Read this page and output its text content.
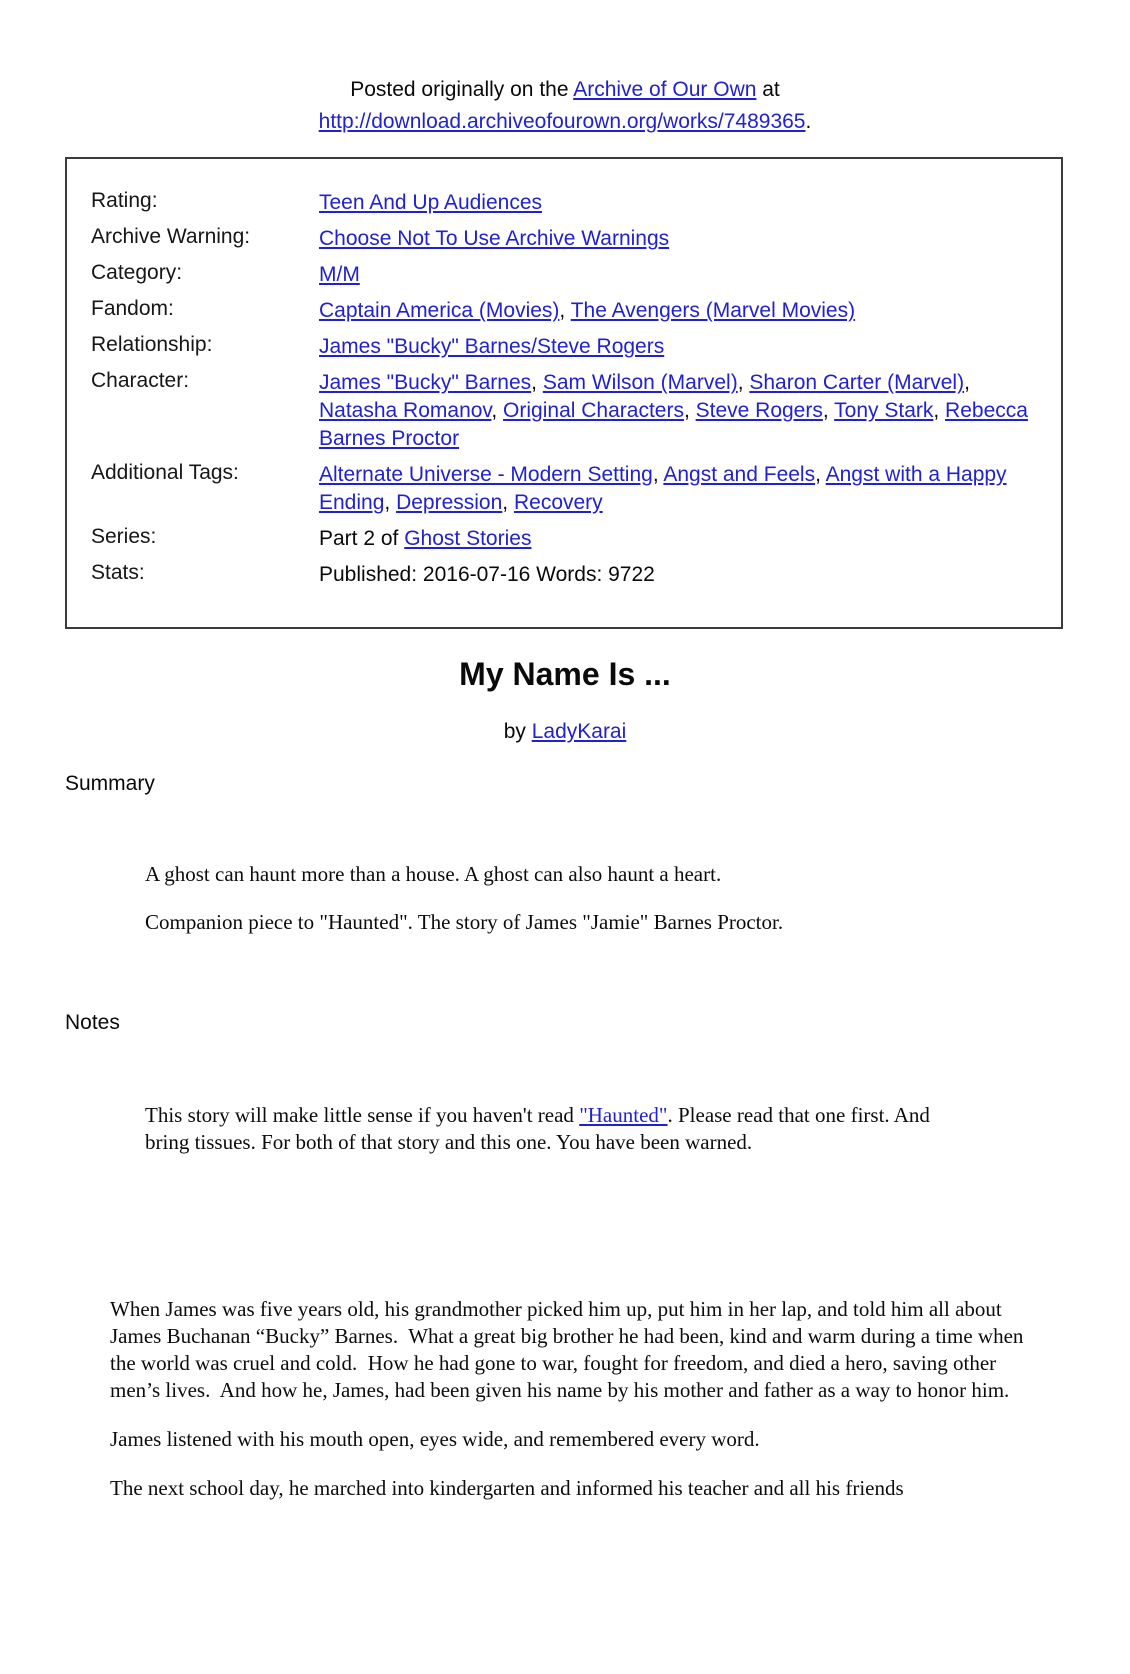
Posted originally on the Archive of Our Own at
http://download.archiveofourown.org/works/7489365.
Rating:	Teen And Up Audiences
Archive Warning:	Choose Not To Use Archive Warnings
Category:	M/M
Fandom:	Captain America (Movies), The Avengers (Marvel Movies)
Relationship:	James "Bucky" Barnes/Steve Rogers
Character:	James "Bucky" Barnes, Sam Wilson (Marvel), Sharon Carter (Marvel), Natasha Romanov, Original Characters, Steve Rogers, Tony Stark, Rebecca Barnes Proctor
Additional Tags:	Alternate Universe - Modern Setting, Angst and Feels, Angst with a Happy Ending, Depression, Recovery
Series:	Part 2 of Ghost Stories
Stats:	Published: 2016-07-16 Words: 9722
My Name Is ...
by LadyKarai
Summary

A ghost can haunt more than a house. A ghost can also haunt a heart.

Companion piece to "Haunted". The story of James "Jamie" Barnes Proctor.

Notes

This story will make little sense if you haven't read "Haunted". Please read that one first. And bring tissues. For both of that story and this one. You have been warned.

When James was five years old, his grandmother picked him up, put him in her lap, and told him all about James Buchanan “Bucky” Barnes.  What a great big brother he had been, kind and warm during a time when the world was cruel and cold.  How he had gone to war, fought for freedom, and died a hero, saving other men’s lives.  And how he, James, had been given his name by his mother and father as a way to honor him.

James listened with his mouth open, eyes wide, and remembered every word.

The next school day, he marched into kindergarten and informed his teacher and all his friends
